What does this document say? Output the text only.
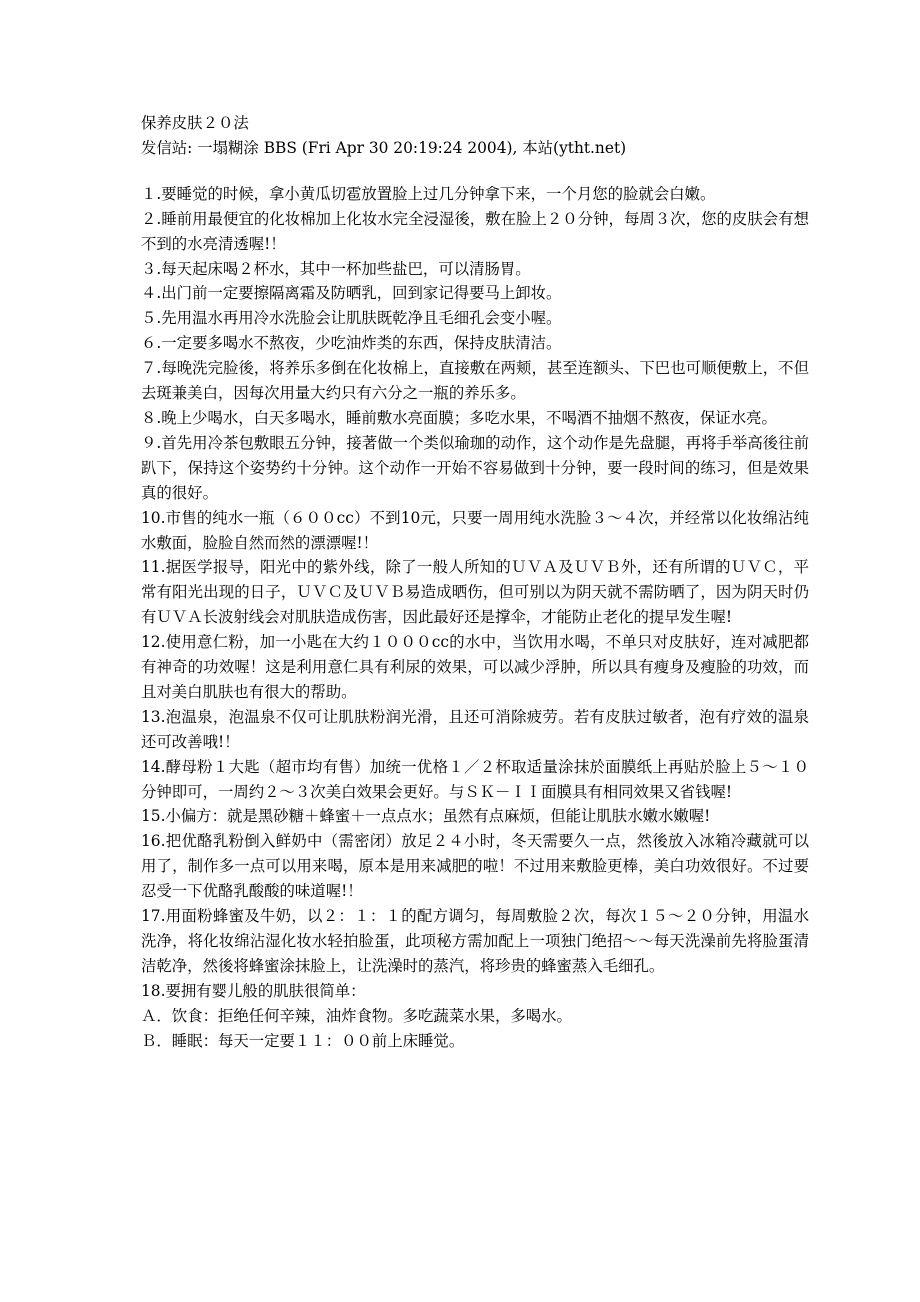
保养皮肤２０法
发信站: 一塌糊涂 BBS (Fri Apr 30 20:19:24 2004), 本站(ytht.net)
１.要睡觉的时候，拿小黄瓜切雹放置脸上过几分钟拿下来，一个月您的脸就会白嫩。
２.睡前用最便宜的化妆棉加上化妆水完全浸湿後，敷在脸上２０分钟，每周３次，您的皮肤会有想不到的水亮清透喔!！
３.每天起床喝２杯水，其中一杯加些盐巴，可以清肠胃。
４.出门前一定要擦隔离霜及防晒乳，回到家记得要马上卸妆。
５.先用温水再用冷水洗脸会让肌肤既乾净且毛细孔会变小喔。
６.一定要多喝水不熬夜，少吃油炸类的东西，保持皮肤清洁。
７.每晚洗完脸後，将养乐多倒在化妆棉上，直接敷在两颊，甚至连额头、下巴也可顺便敷上，不但去斑兼美白，因每次用量大约只有六分之一瓶的养乐多。
８.晚上少喝水，白天多喝水，睡前敷水亮面膜；多吃水果，不喝酒不抽烟不熬夜，保证水亮。
９.首先用冷茶包敷眼五分钟，接著做一个类似瑜珈的动作，这个动作是先盘腿，再将手举高後往前趴下，保持这个姿势约十分钟。这个动作一开始不容易做到十分钟，要一段时间的练习，但是效果真的很好。
10.市售的纯水一瓶（６００cc）不到10元，只要一周用纯水洗脸３～４次，并经常以化妆绵沾纯水敷面，脸脸自然而然的漂漂喔!！
11.据医学报导，阳光中的紫外线，除了一般人所知的ＵＶＡ及ＵＶＢ外，还有所谓的ＵＶＣ，平常有阳光出现的日子，ＵＶＣ及ＵＶＢ易造成晒伤，但可别以为阴天就不需防晒了，因为阴天时仍有ＵＶＡ长波射线会对肌肤造成伤害，因此最好还是撑伞，才能防止老化的提早发生喔!
12.使用意仁粉，加一小匙在大约１０００cc的水中，当饮用水喝，不单只对皮肤好，连对减肥都有神奇的功效喔！这是利用意仁具有利尿的效果，可以减少浮肿，所以具有瘦身及瘦脸的功效，而且对美白肌肤也有很大的帮助。
13.泡温泉，泡温泉不仅可让肌肤粉润光滑，且还可消除疲劳。若有皮肤过敏者，泡有疗效的温泉还可改善哦!！
14.酵母粉１大匙（超市均有售）加统一优格１／２杯取适量涂抹於面膜纸上再贴於脸上５～１０分钟即可，一周约２～３次美白效果会更好。与ＳＫ－ＩＩ面膜具有相同效果又省钱喔!
15.小偏方：就是黑砂糖＋蜂蜜＋一点点水；虽然有点麻烦，但能让肌肤水嫩水嫩喔!
16.把优酪乳粉倒入鲜奶中（需密闭）放足２４小时，冬天需要久一点，然後放入冰箱冷藏就可以用了，制作多一点可以用来喝，原本是用来减肥的啦！不过用来敷脸更棒，美白功效很好。不过要忍受一下优酪乳酸酸的味道喔!！
17.用面粉蜂蜜及牛奶，以２：１：１的配方调匀，每周敷脸２次，每次１５～２０分钟，用温水洗净，将化妆绵沾湿化妆水轻拍脸蛋，此项秘方需加配上一项独门绝招～～每天洗澡前先将脸蛋清洁乾净，然後将蜂蜜涂抹脸上，让洗澡时的蒸汽，将珍贵的蜂蜜蒸入毛细孔。
18.要拥有婴儿般的肌肤很简单：
Ａ．饮食：拒绝任何辛辣，油炸食物。多吃蔬菜水果，多喝水。
Ｂ．睡眠：每天一定要１１：００前上床睡觉。
